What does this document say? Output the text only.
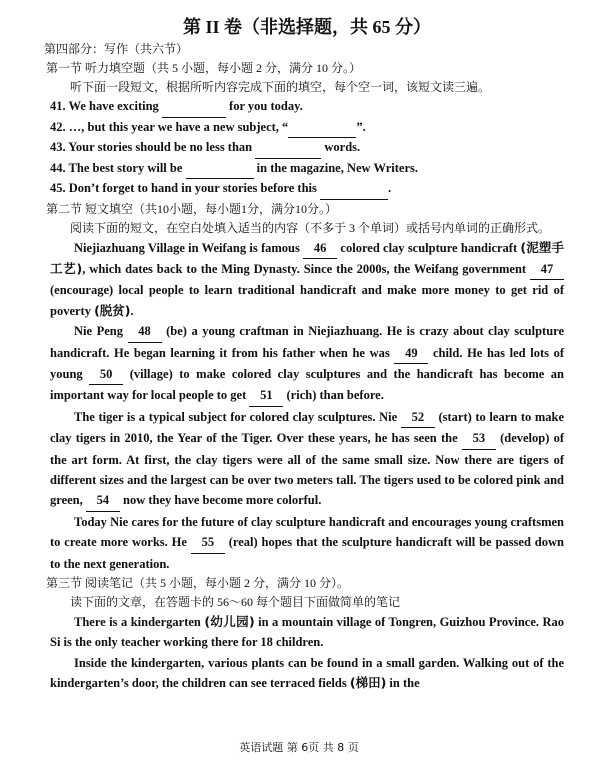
第 II 卷（非选择题，共 65 分）
第四部分：写作（共六节）
第一节 听力填空题（共 5 小题，每小题 2 分，满分 10 分。）
听下面一段短文，根据所听内容完成下面的填空，每个空一词，该短文读三遍。
41. We have exciting	for you today.
42. …, but this year we have a new subject, “	”.
43. Your stories should be no less than	words.
44. The best story will be	in the magazine, New Writers.
45. Don’t forget to hand in your stories before this	.
第二节 短文填空（共10小题，每小题1分，满分10分。）
阅读下面的短文，在空白处填入适当的内容（不多于 3 个单词）或括号内单词的正确形式。

Niejiazhuang Village in Weifang is famous 46 colored clay sculpture handicraft (泥塑手工艺), which dates back to the Ming Dynasty. Since the 2000s, the Weifang government 47 (encourage) local people to learn traditional handicraft and make more money to get rid of poverty (脱贫).

Nie Peng 48 (be) a young craftman in Niejiazhuang. He is crazy about clay sculpture handicraft. He began learning it from his father when he was 49 child. He has led lots of young 50 (village) to make colored clay sculptures and the handicraft has become an important way for local people to get 51 (rich) than before.

The tiger is a typical subject for colored clay sculptures. Nie 52 (start) to learn to make clay tigers in 2010, the Year of the Tiger. Over these years, he has seen the 53 (develop) of the art form. At first, the clay tigers were all of the same small size. Now there are tigers of different sizes and the largest can be over two meters tall. The tigers used to be colored pink and green, 54 now they have become more colorful.

Today Nie cares for the future of clay sculpture handicraft and encourages young craftsmen to create more works. He 55 (real) hopes that the sculpture handicraft will be passed down to the next generation.

第三节 阅读笔记（共 5 小题，每小题 2 分，满分 10 分）。
读下面的文章，在答题卡的 56～60 每个题目下面做简单的笔记

There is a kindergarten (幼儿园) in a mountain village of Tongren, Guizhou Province. Rao Si is the only teacher working there for 18 children.

Inside the kindergarten, various plants can be found in a small garden. Walking out of the kindergarten’s door, the children can see terraced fields (梯田) in the

英语试题 第 6页 共 8 页
